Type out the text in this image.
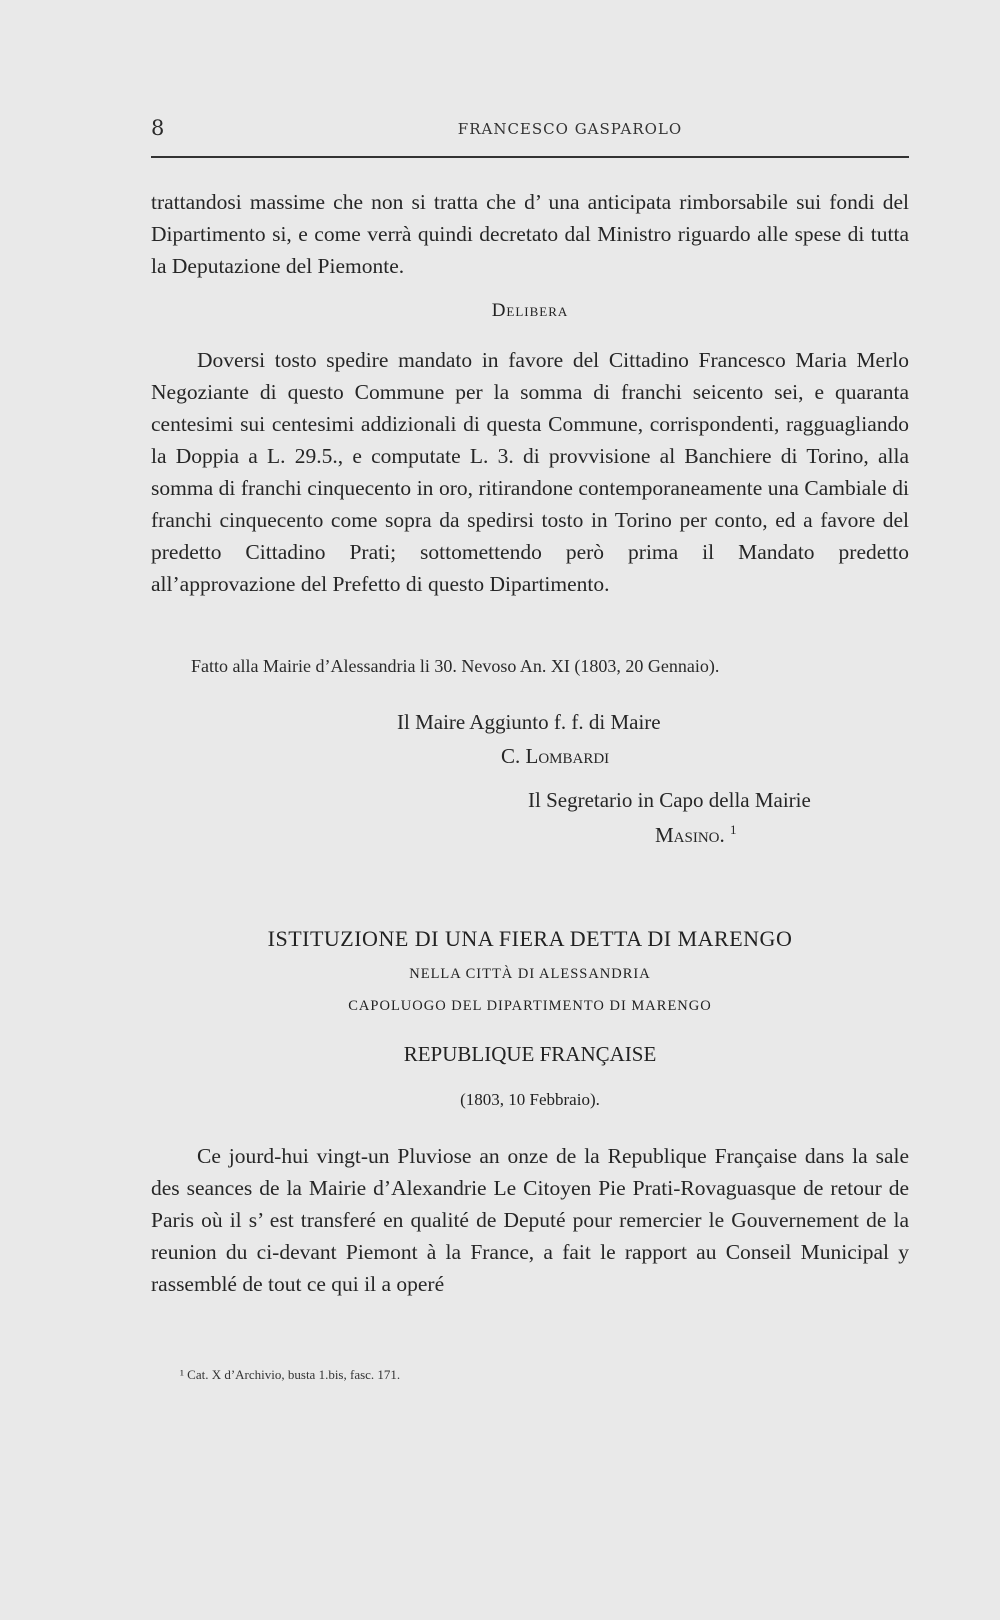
8	FRANCESCO GASPAROLO
trattandosi massime che non si tratta che d’ una anticipata rimborsabile sui fondi del Dipartimento si, e come verrà quindi decretato dal Ministro riguardo alle spese di tutta la Deputazione del Piemonte.
Delibera
Doversi tosto spedire mandato in favore del Cittadino Francesco Maria Merlo Negoziante di questo Commune per la somma di franchi seicento sei, e quaranta centesimi sui centesimi addizionali di questa Commune, corrispondenti, ragguagliando la Doppia a L. 29.5., e computate L. 3. di provvisione al Banchiere di Torino, alla somma di franchi cinquecento in oro, ritirandone contemporaneamente una Cambiale di franchi cinquecento come sopra da spedirsi tosto in Torino per conto, ed a favore del predetto Cittadino Prati; sottomettendo però prima il Mandato predetto all’approvazione del Prefetto di questo Dipartimento.
Fatto alla Mairie d’Alessandria li 30. Nevoso An. XI (1803, 20 Gennaio).
Il Maire Aggiunto f. f. di Maire
C. Lombardi
Il Segretario in Capo della Mairie
Masino. $^1$
ISTITUZIONE DI UNA FIERA DETTA DI MARENGO
NELLA CITTÀ DI ALESSANDRIA
CAPOLUOGO DEL DIPARTIMENTO DI MARENGO
REPUBLIQUE FRANÇAISE
(1803, 10 Febbraio).
Ce jourd-hui vingt-un Pluviose an onze de la Republique Française dans la sale des seances de la Mairie d’Alexandrie Le Citoyen Pie Prati-Rovaguasque de retour de Paris où il s’ est transferé en qualité de Deputé pour remercier le Gouvernement de la reunion du ci-devant Piemont à la France, a fait le rapport au Conseil Municipal y rassemblé de tout ce qui il a operé
¹ Cat. X d’Archivio, busta 1.bis, fasc. 171.
